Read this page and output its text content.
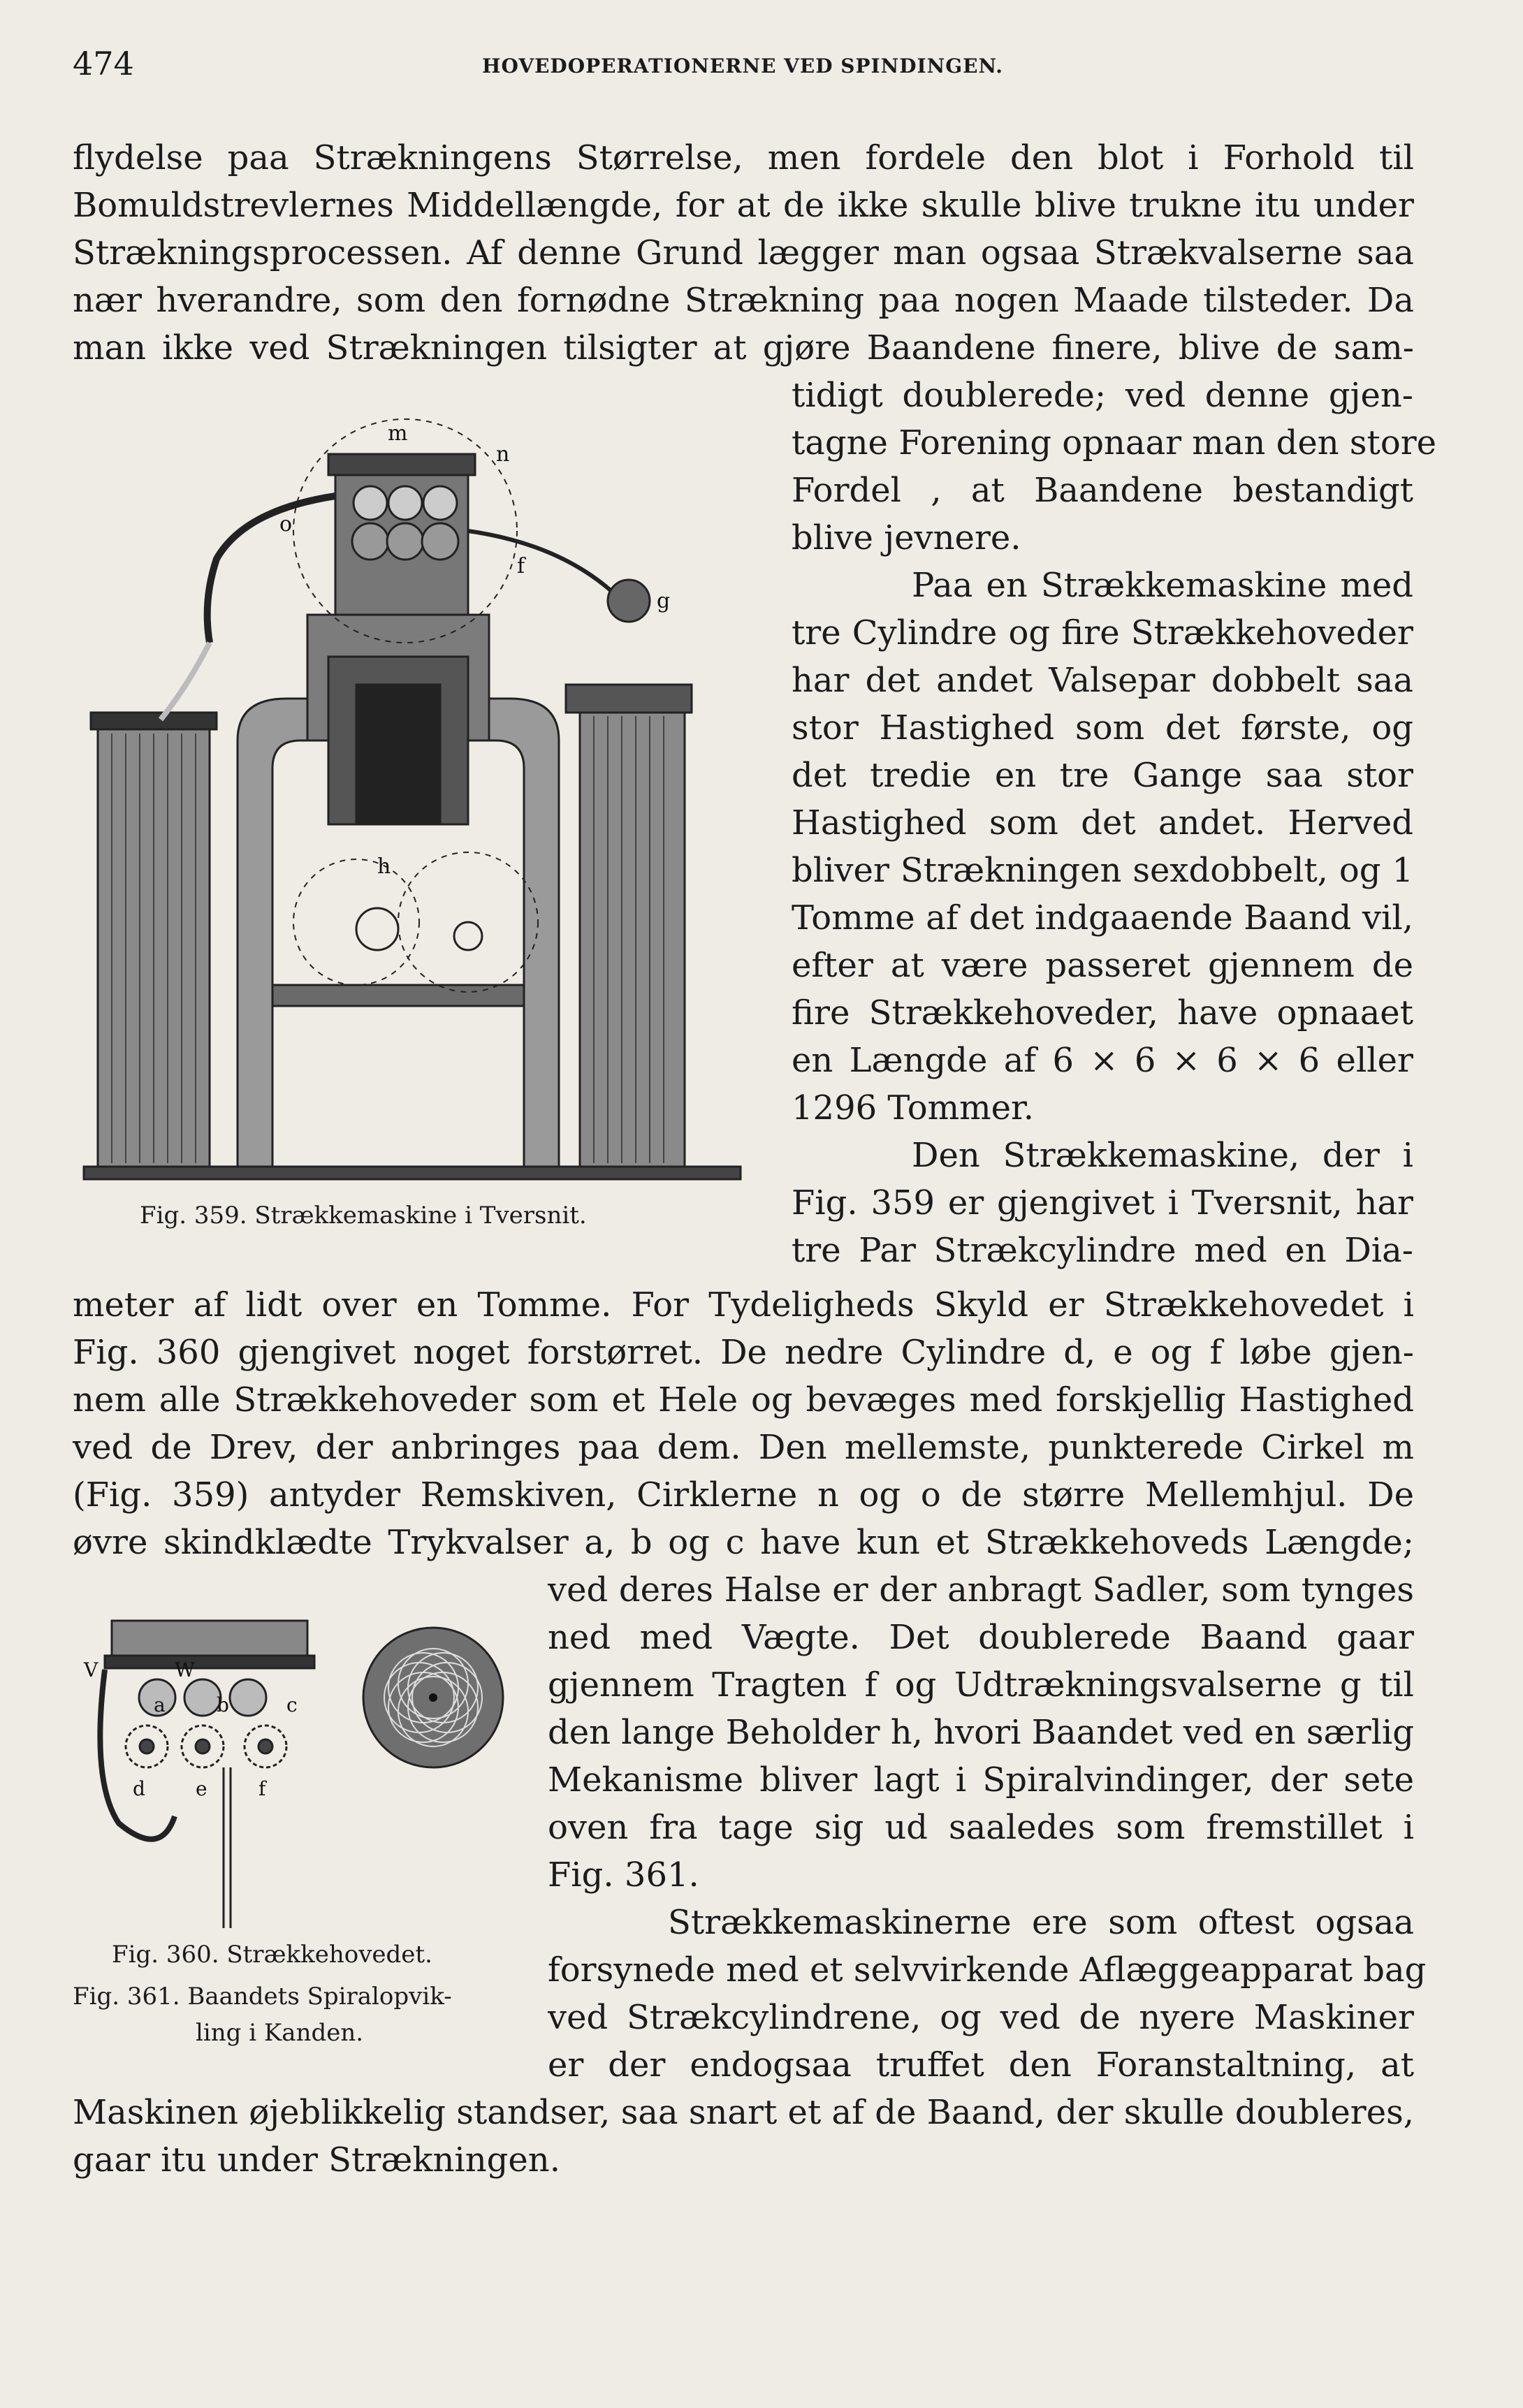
474	HOVEDOPERATIONERNE VED SPINDINGEN.
flydelse paa Strækningens Størrelse, men fordele den blot i Forhold til
Bomuldstrevlernes Middellængde, for at de ikke skulle blive trukne itu under
Strækningsprocessen. Af denne Grund lægger man ogsaa Strækvalserne saa
nær hverandre, som den fornødne Strækning paa nogen Maade tilsteder. Da
man ikke ved Strækningen tilsigter at gjøre Baandene finere, blive de sam-
m
n
o
f
g
h
Fig. 359. Strækkemaskine i Tversnit.
tidigt doublerede; ved denne gjen-
tagne Forening opnaar man den store
Fordel , at Baandene bestandigt
blive jevnere.
Paa en Strækkemaskine med
tre Cylindre og fire Strækkehoveder
har det andet Valsepar dobbelt saa
stor Hastighed som det første, og
det tredie en tre Gange saa stor
Hastighed som det andet. Herved
bliver Strækningen sexdobbelt, og 1
Tomme af det indgaaende Baand vil,
efter at være passeret gjennem de
fire Strækkehoveder, have opnaaet
en Længde af 6 × 6 × 6 × 6 eller
1296 Tommer.
Den Strækkemaskine, der i
Fig. 359 er gjengivet i Tversnit, har
tre Par Strækcylindre med en Dia-
meter af lidt over en Tomme. For Tydeligheds Skyld er Strækkehovedet i
Fig. 360 gjengivet noget forstørret. De nedre Cylindre d, e og f løbe gjen-
nem alle Strækkehoveder som et Hele og bevæges med forskjellig Hastighed
ved de Drev, der anbringes paa dem. Den mellemste, punkterede Cirkel m
(Fig. 359) antyder Remskiven, Cirklerne n og o de større Mellemhjul. De
øvre skindklædte Trykvalser a, b og c have kun et Strækkehoveds Længde;
V	W
a	b	c
d	e	f
Fig. 360. Strækkehovedet.
Fig. 361. Baandets Spiralopvik-
ling i Kanden.
ved deres Halse er der anbragt Sadler, som tynges
ned med Vægte. Det doublerede Baand gaar
gjennem Tragten f og Udtrækningsvalserne g til
den lange Beholder h, hvori Baandet ved en særlig
Mekanisme bliver lagt i Spiralvindinger, der sete
oven fra tage sig ud saaledes som fremstillet i
Fig. 361.
Strækkemaskinerne ere som oftest ogsaa
forsynede med et selvvirkende Aflæggeapparat bag
ved Strækcylindrene, og ved de nyere Maskiner
er der endogsaa truffet den Foranstaltning, at
Maskinen øjeblikkelig standser, saa snart et af de Baand, der skulle doubleres,
gaar itu under Strækningen.
